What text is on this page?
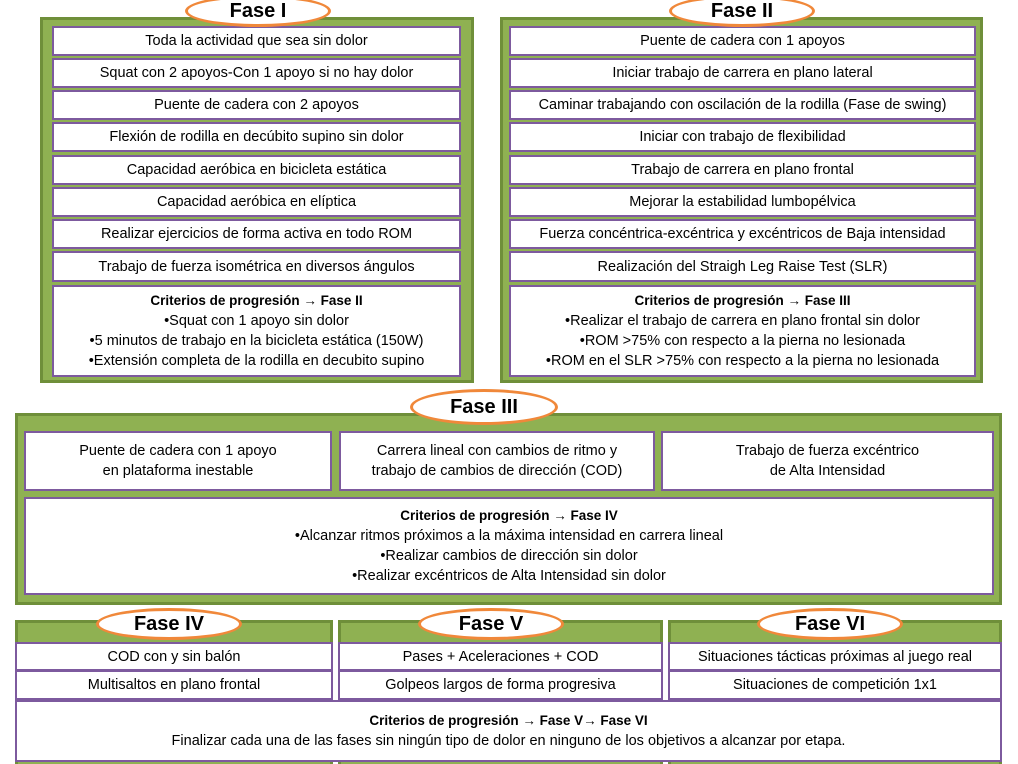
Toda la actividad que sea sin dolor
Squat con 2 apoyos-Con 1 apoyo si no hay dolor
Puente de cadera con 2 apoyos
Flexión de rodilla en decúbito supino sin dolor
Capacidad aeróbica en bicicleta estática
Capacidad aeróbica en elíptica
Realizar ejercicios de forma activa en todo ROM
Trabajo de fuerza isométrica en diversos ángulos
Criterios de progresión → Fase II
•Squat con 1 apoyo sin dolor
•5 minutos de trabajo en la bicicleta estática (150W)
•Extensión completa de la rodilla en decubito supino
Fase I
Puente de cadera con 1 apoyos
Iniciar trabajo de carrera en plano lateral
Caminar trabajando con oscilación de la rodilla (Fase de swing)
Iniciar con trabajo de flexibilidad
Trabajo de carrera en plano frontal
Mejorar la estabilidad lumbopélvica
Fuerza concéntrica-excéntrica y excéntricos de Baja intensidad
Realización del Straigh Leg Raise Test (SLR)
Criterios de progresión → Fase III
•Realizar el trabajo de carrera en plano frontal sin dolor
•ROM >75% con respecto a la pierna no lesionada
•ROM en el SLR >75% con respecto a la pierna no lesionada
Fase II
Puente de cadera con 1 apoyo
en plataforma inestable
Carrera lineal con cambios de ritmo y
trabajo de cambios de dirección (COD)
Trabajo de fuerza excéntrico
de Alta Intensidad
Criterios de progresión → Fase IV
•Alcanzar ritmos próximos a la máxima intensidad en carrera lineal
•Realizar cambios de dirección sin dolor
•Realizar excéntricos de Alta Intensidad sin dolor
Fase III
COD con y sin balón
Multisaltos en plano frontal
Pases + Aceleraciones + COD
Golpeos largos de forma progresiva
Situaciones tácticas próximas al juego real
Situaciones de competición 1x1
Criterios de progresión → Fase V→ Fase VI
Finalizar cada una de las fases sin ningún tipo de dolor en ninguno de los objetivos a alcanzar por etapa.
Fase IV	Fase V	Fase VI
